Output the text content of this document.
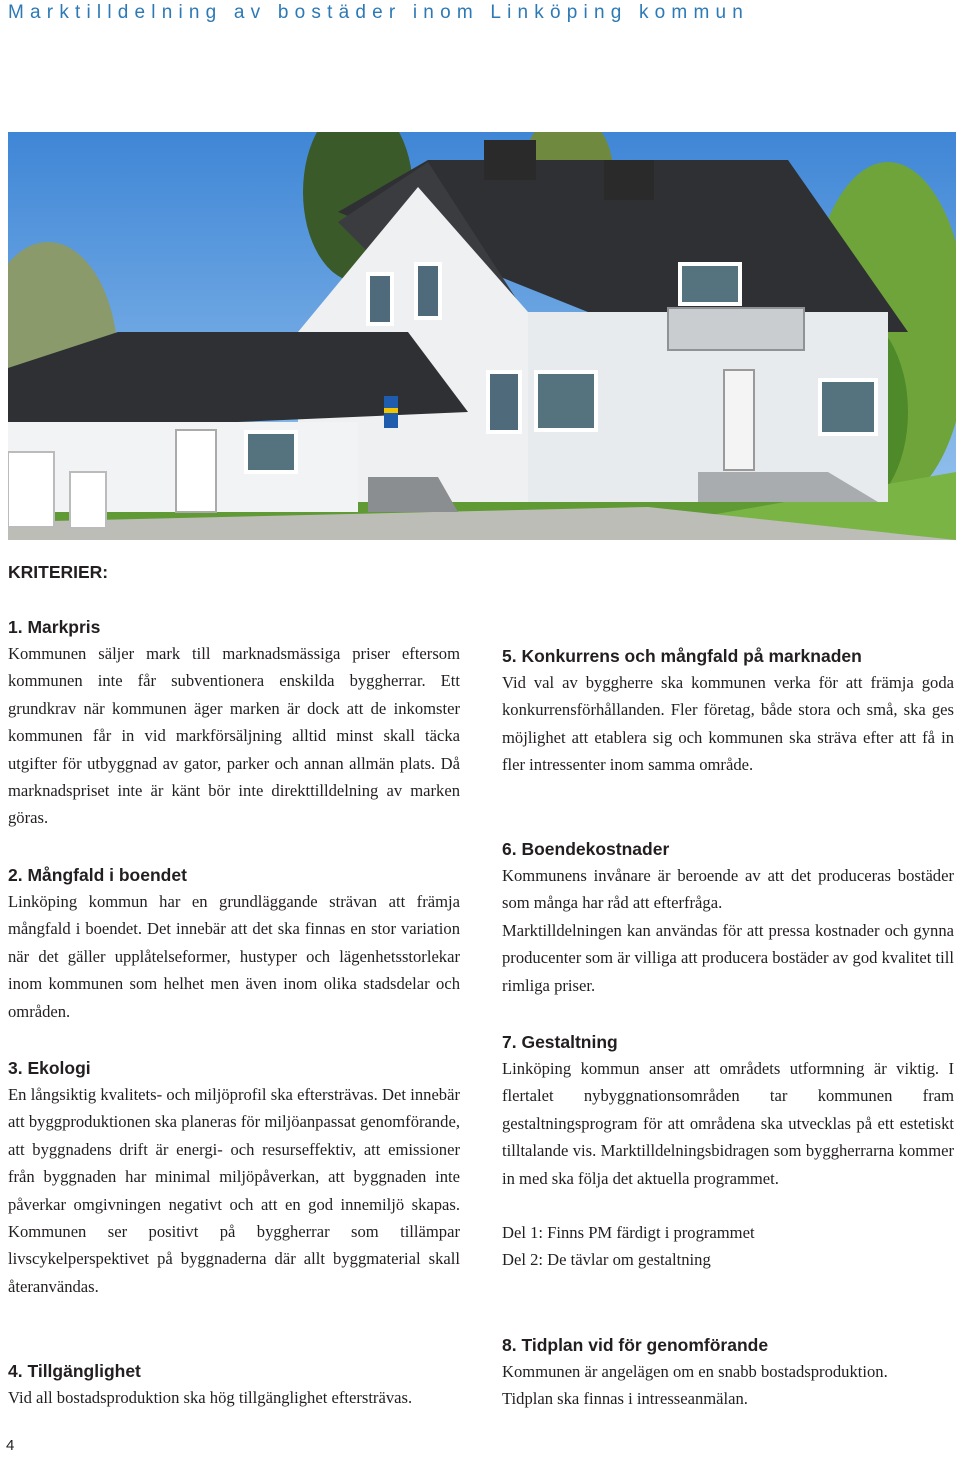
Marktilldelning av bostäder inom Linköping kommun
KRITERIER:
1. Markpris

Kommunen säljer mark till marknadsmässiga priser eftersom kommunen inte får subventionera enskilda byggherrar. Ett grundkrav när kommunen äger marken är dock att de inkomster kommunen får in vid markförsäljning alltid minst skall täcka utgifter för utbyggnad av gator, parker och annan allmän plats. Då marknadspriset inte är känt bör inte direkttilldelning av marken göras.

2. Mångfald i boendet

Linköping kommun har en grundläggande strävan att främja mångfald i boendet. Det innebär att det ska finnas en stor variation när det gäller upplåtelseformer, hustyper och lägenhetsstorlekar inom kommunen som helhet men även inom olika stadsdelar och områden.

3. Ekologi

En långsiktig kvalitets- och miljöprofil ska eftersträvas. Det innebär att byggproduktionen ska planeras för miljöanpassat genomförande, att byggnadens drift är energi- och resurseffektiv, att emissioner från byggnaden har minimal miljöpåverkan, att byggnaden inte påverkar omgivningen negativt och att en god innemiljö skapas. Kommunen ser positivt på byggherrar som tillämpar livscykelperspektivet på byggnaderna där allt byggmaterial skall återanvändas.

4. Tillgänglighet

Vid all bostadsproduktion ska hög tillgänglighet eftersträvas.

5. Konkurrens och mångfald på marknaden

Vid val av byggherre ska kommunen verka för att främja goda konkurrensförhållanden. Fler företag, både stora och små, ska ges möjlighet att etablera sig och kommunen ska sträva efter att få in fler intressenter inom samma område.

6. Boendekostnader

Kommunens invånare är beroende av att det produceras bostäder som många har råd att efterfråga.

Marktilldelningen kan användas för att pressa kostnader och gynna producenter som är villiga att producera bostäder av god kvalitet till rimliga priser.

7. Gestaltning

Linköping kommun anser att områdets utformning är viktig. I flertalet nybyggnationsområden tar kommunen fram gestaltningsprogram för att områdena ska utvecklas på ett estetiskt tilltalande vis. Marktilldelningsbidragen som byggherrarna kommer in med ska följa det aktuella programmet.

Del 1: Finns PM färdigt i programmet

Del 2: De tävlar om gestaltning

8. Tidplan vid för genomförande

Kommunen är angelägen om en snabb bostadsproduktion.

Tidplan ska finnas i intresseanmälan.

4
